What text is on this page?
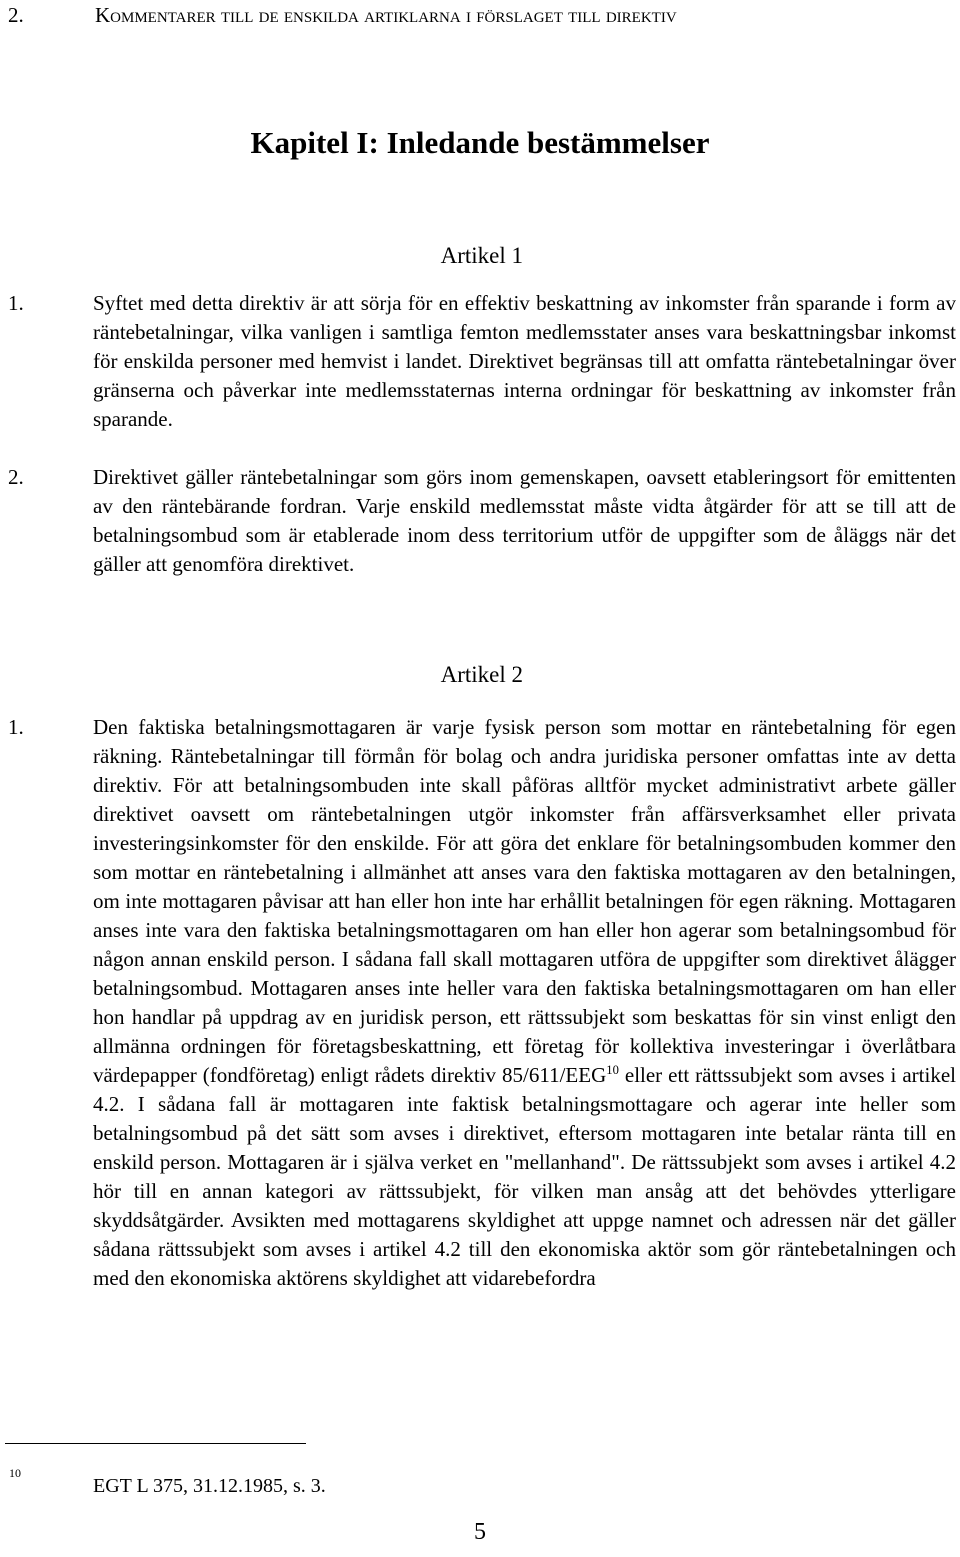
2.	Kommentarer till de enskilda artiklarna i förslaget till direktiv
Kapitel I: Inledande bestämmelser
Artikel 1
1.	Syftet med detta direktiv är att sörja för en effektiv beskattning av inkomster från sparande i form av räntebetalningar, vilka vanligen i samtliga femton medlemsstater anses vara beskattningsbar inkomst för enskilda personer med hemvist i landet. Direktivet begränsas till att omfatta räntebetalningar över gränserna och påverkar inte medlemsstaternas interna ordningar för beskattning av inkomster från sparande.
2.	Direktivet gäller räntebetalningar som görs inom gemenskapen, oavsett etableringsort för emittenten av den räntebärande fordran. Varje enskild medlemsstat måste vidta åtgärder för att se till att de betalningsombud som är etablerade inom dess territorium utför de uppgifter som de åläggs när det gäller att genomföra direktivet.
Artikel 2
1.	Den faktiska betalningsmottagaren är varje fysisk person som mottar en räntebetalning för egen räkning. Räntebetalningar till förmån för bolag och andra juridiska personer omfattas inte av detta direktiv. För att betalningsombuden inte skall påföras alltför mycket administrativt arbete gäller direktivet oavsett om räntebetalningen utgör inkomster från affärsverksamhet eller privata investeringsinkomster för den enskilde. För att göra det enklare för betalningsombuden kommer den som mottar en räntebetalning i allmänhet att anses vara den faktiska mottagaren av den betalningen, om inte mottagaren påvisar att han eller hon inte har erhållit betalningen för egen räkning. Mottagaren anses inte vara den faktiska betalningsmottagaren om han eller hon agerar som betalningsombud för någon annan enskild person. I sådana fall skall mottagaren utföra de uppgifter som direktivet ålägger betalningsombud. Mottagaren anses inte heller vara den faktiska betalningsmottagaren om han eller hon handlar på uppdrag av en juridisk person, ett rättssubjekt som beskattas för sin vinst enligt den allmänna ordningen för företagsbeskattning, ett företag för kollektiva investeringar i överlåtbara värdepapper (fondföretag) enligt rådets direktiv 85/611/EEG$^{10}$ eller ett rättssubjekt som avses i artikel 4.2. I sådana fall är mottagaren inte faktisk betalningsmottagare och agerar inte heller som betalningsombud på det sätt som avses i direktivet, eftersom mottagaren inte betalar ränta till en enskild person. Mottagaren är i själva verket en "mellanhand". De rättssubjekt som avses i artikel 4.2 hör till en annan kategori av rättssubjekt, för vilken man ansåg att det behövdes ytterligare skyddsåtgärder. Avsikten med mottagarens skyldighet att uppge namnet och adressen när det gäller sådana rättssubjekt som avses i artikel 4.2 till den ekonomiska aktör som gör räntebetalningen och med den ekonomiska aktörens skyldighet att vidarebefordra
10
EGT L 375, 31.12.1985, s. 3.
5
